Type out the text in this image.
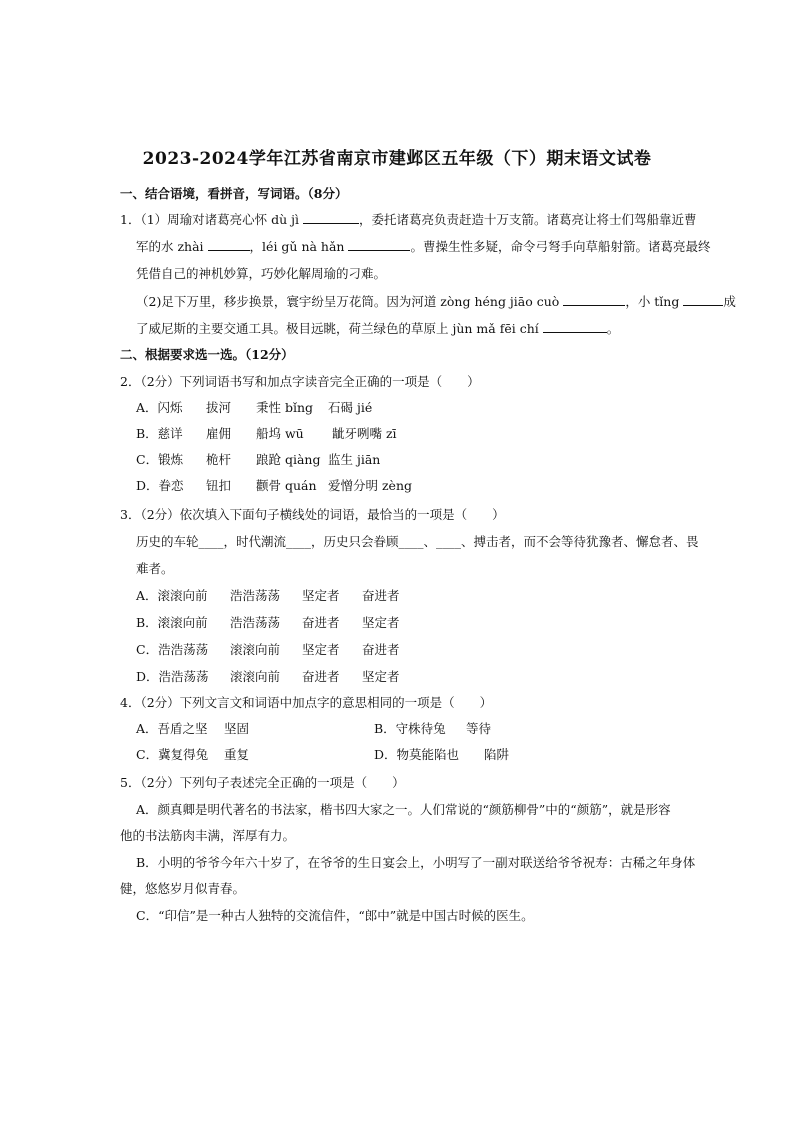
2023-2024学年江苏省南京市建邺区五年级（下）期末语文试卷
一、结合语境，看拼音，写词语。（8分）
1．（1）周瑜对诸葛亮心怀 dù jì	，委托诸葛亮负责赶造十万支箭。诸葛亮让将士们驾船靠近曹
军的水 zhài	，léi gǔ nà hǎn	。曹操生性多疑，命令弓弩手向草船射箭。诸葛亮最终
凭借自己的神机妙算，巧妙化解周瑜的刁难。
（2)足下万里，移步换景，寰宇纷呈万花筒。因为河道 zòng héng jiāo cuò	，小 tǐng	成
了威尼斯的主要交通工具。极目远眺，荷兰绿色的草原上 jùn mǎ fēi chí	。
二、根据要求选一选。（12分）
2．（2分）下列词语书写和加点字读音完全正确的一项是（　　）
A．闪烁 拔河 秉性 bǐng 石碣 jié
B．慈详 雇佣 船坞 wū 龇牙咧嘴 zī
C．锻炼 桅杆 踉跄 qiàng 监生 jiān
D．眷恋 钮扣 颧骨 quán 爱憎分明 zèng
3．（2分）依次填入下面句子横线处的词语，最恰当的一项是（　　）
历史的车轮____，时代潮流____，历史只会眷顾____、____、搏击者，而不会等待犹豫者、懈怠者、畏
难者。
A．滚滚向前 浩浩荡荡 坚定者 奋进者
B．滚滚向前 浩浩荡荡 奋进者 坚定者
C．浩浩荡荡 滚滚向前 坚定者 奋进者
D．浩浩荡荡 滚滚向前 奋进者 坚定者
4．（2分）下列文言文和词语中加点字的意思相同的一项是（　　）
A．吾盾之坚 坚固	B．守株待兔 等待
C．冀复得兔 重复	D．物莫能陷也 陷阱
5．（2分）下列句子表述完全正确的一项是（　　）
A．颜真卿是明代著名的书法家，楷书四大家之一。人们常说的“颜筋柳骨”中的“颜筋”，就是形容
他的书法筋肉丰满，浑厚有力。
B．小明的爷爷今年六十岁了，在爷爷的生日宴会上，小明写了一副对联送给爷爷祝寿：古稀之年身体
健，悠悠岁月似青春。
C．“印信”是一种古人独特的交流信件，“郎中”就是中国古时候的医生。
